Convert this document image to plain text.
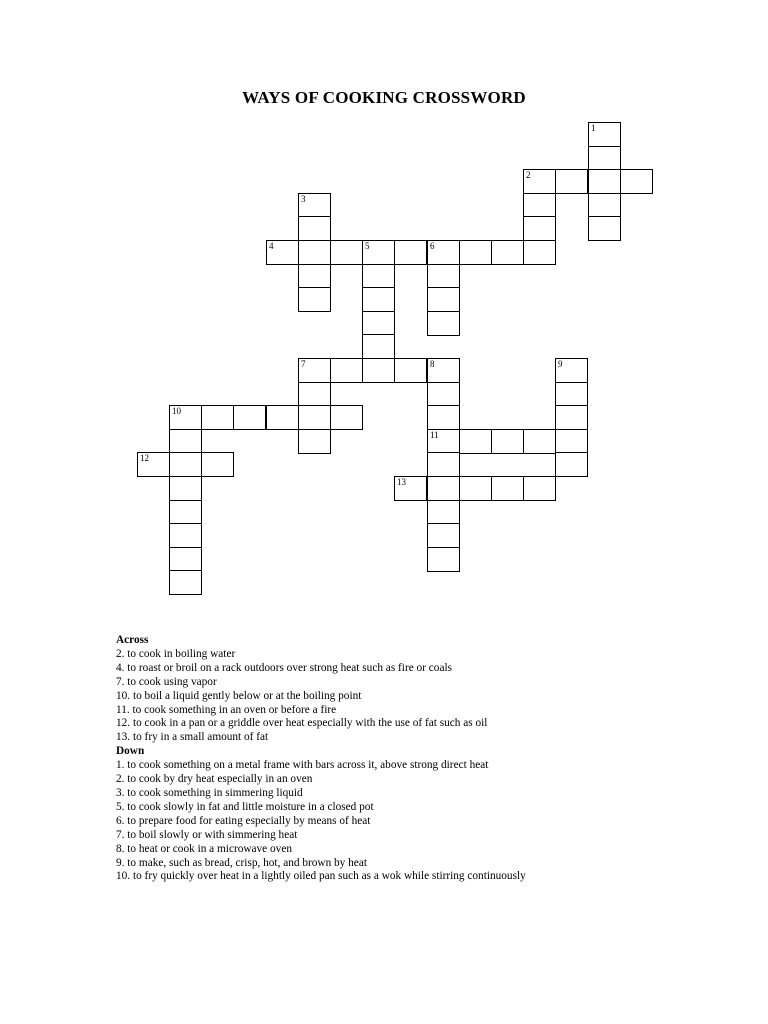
WAYS OF COOKING CROSSWORD
1
2
3
4	5	6
7	8
11
9
10
12
13
Across
2. to cook in boiling water
4. to roast or broil on a rack outdoors over strong heat such as fire or coals
7. to cook using vapor
10. to boil a liquid gently below or at the boiling point
11. to cook something in an oven or before a fire
12. to cook in a pan or a griddle over heat especially with the use of fat such as oil
13. to fry in a small amount of fat
Down
1. to cook something on a metal frame with bars across it, above strong direct heat
2. to cook by dry heat especially in an oven
3. to cook something in simmering liquid
5. to cook slowly in fat and little moisture in a closed pot
6. to prepare food for eating especially by means of heat
7. to boil slowly or with simmering heat
8. to heat or cook in a microwave oven
9. to make, such as bread, crisp, hot, and brown by heat
10. to fry quickly over heat in a lightly oiled pan such as a wok while stirring continuously
